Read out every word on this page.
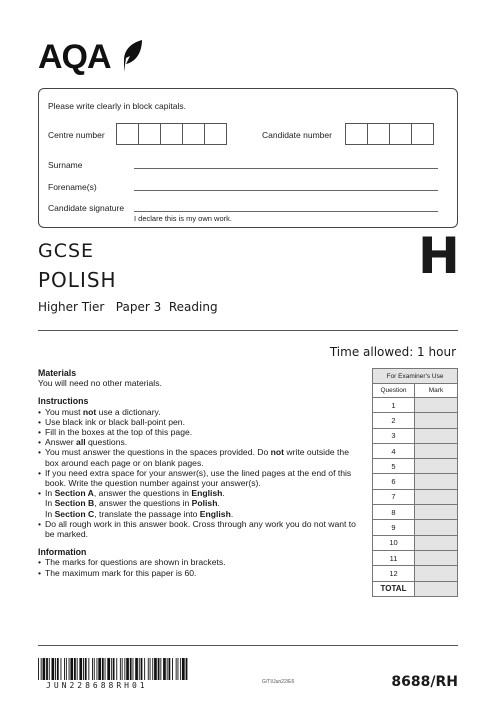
AQA
Please write clearly in block capitals.
Centre number	Candidate number
Surname
Forename(s)
Candidate signature
I declare this is my own work.
GCSE
POLISH
Higher Tier Paper 3 Reading
H
Time allowed: 1 hour
Materials

You will need no other materials.

Instructions
• You must not use a dictionary.
• Use black ink or black ball-point pen.
• Fill in the boxes at the top of this page.
• Answer all questions.
• You must answer the questions in the spaces provided. Do not write outside the box around each page or on blank pages.
• If you need extra space for your answer(s), use the lined pages at the end of this book. Write the question number against your answer(s).
• In Section A, answer the questions in English.
In Section B, answer the questions in Polish.
In Section C, translate the passage into English.
• Do all rough work in this answer book. Cross through any work you do not want to be marked.
Information
• The marks for questions are shown in brackets.
• The maximum mark for this paper is 60.
For Examiner's Use	
Question	Mark
1	
2	
3	
4	
5	
6	
7	
8	
9	
10	
11	
12	
TOTAL	
JUN228688RH01	G/TI/Jun22/E6	8688/RH
